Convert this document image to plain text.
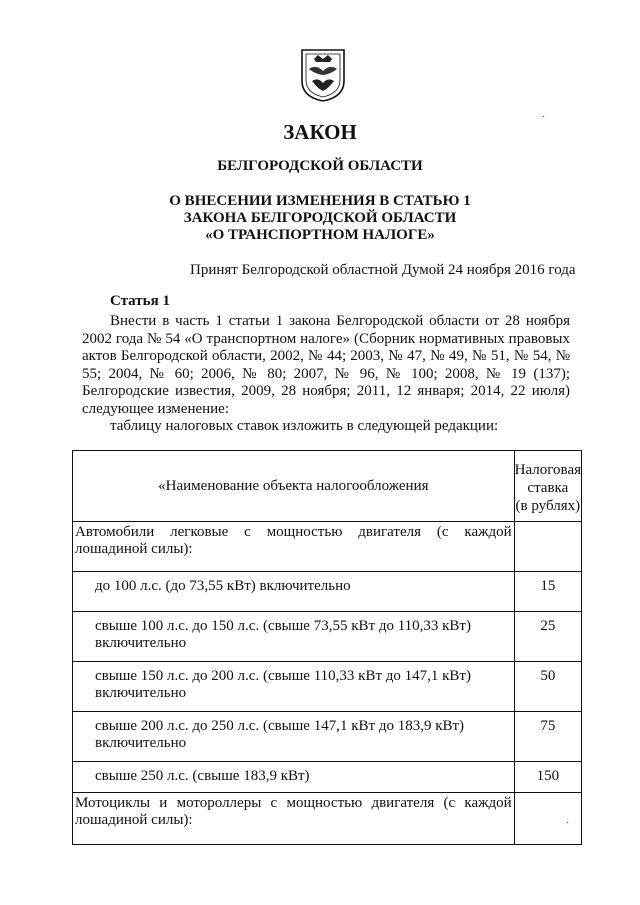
ЗАКОН
БЕЛГОРОДСКОЙ ОБЛАСТИ
О ВНЕСЕНИИ ИЗМЕНЕНИЯ В СТАТЬЮ 1
ЗАКОНА БЕЛГОРОДСКОЙ ОБЛАСТИ
«О ТРАНСПОРТНОМ НАЛОГЕ»
Принят Белгородской областной Думой 24 ноября 2016 года
Статья 1
Внести в часть 1 статьи 1 закона Белгородской области от 28 ноября 2002 года № 54 «О транспортном налоге» (Сборник нормативных правовых актов Белгородской области, 2002, № 44; 2003, № 47, № 49, № 51, № 54, № 55; 2004, № 60; 2006, № 80; 2007, № 96, № 100; 2008, № 19 (137); Белгородские известия, 2009, 28 ноября; 2011, 12 января; 2014, 22 июля) следующее изменение:
таблицу налоговых ставок изложить в следующей редакции:
«Наименование объекта налогообложения	Налоговая
ставка
(в рублях)

Автомобили легковые с мощностью двигателя (с каждой лошадиной силы):	
до 100 л.с. (до 73,55 кВт) включительно	15
свыше 100 л.с. до 150 л.с. (свыше 73,55 кВт до 110,33 кВт) включительно	25
свыше 150 л.с. до 200 л.с. (свыше 110,33 кВт до 147,1 кВт) включительно	50
свыше 200 л.с. до 250 л.с. (свыше 147,1 кВт до 183,9 кВт) включительно	75
свыше 250 л.с. (свыше 183,9 кВт)	150
Мотоциклы и мотороллеры с мощностью двигателя (с каждой лошадиной силы):	
·
·
